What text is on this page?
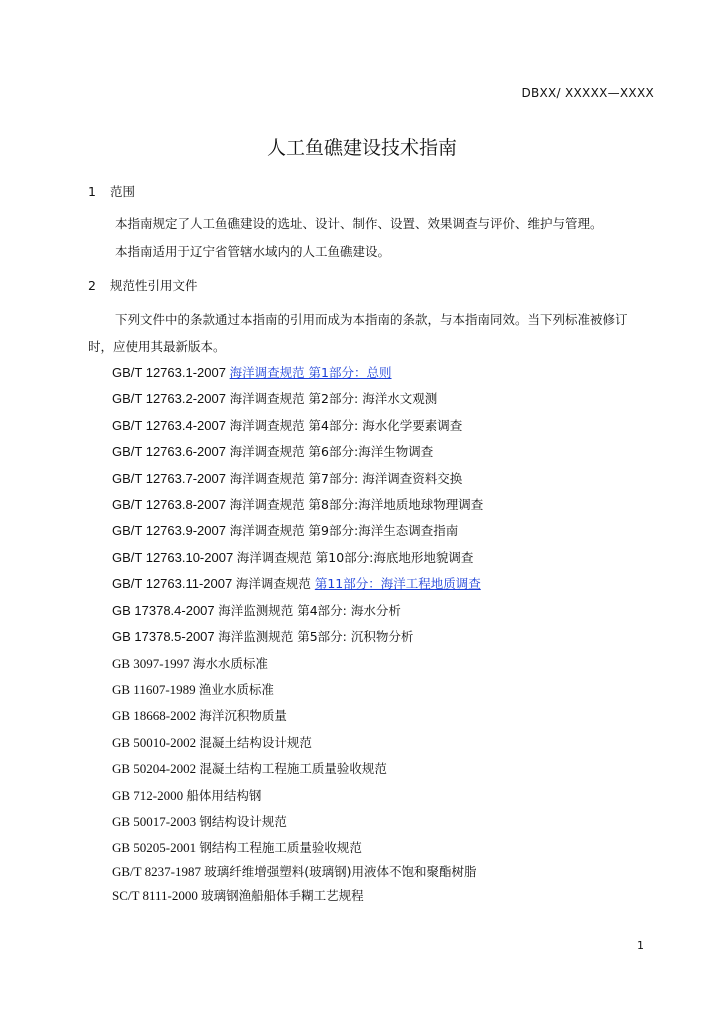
DBXX/ XXXXX—XXXX
人工鱼礁建设技术指南
1 范围
本指南规定了人工鱼礁建设的选址、设计、制作、设置、效果调查与评价、维护与管理。
本指南适用于辽宁省管辖水域内的人工鱼礁建设。
2 规范性引用文件
下列文件中的条款通过本指南的引用而成为本指南的条款，与本指南同效。当下列标准被修订
时，应使用其最新版本。
GB/T 12763.1-2007 海洋调查规范 第1部分：总则
GB/T 12763.2-2007 海洋调查规范 第2部分: 海洋水文观测
GB/T 12763.4-2007 海洋调查规范 第4部分: 海水化学要素调查
GB/T 12763.6-2007 海洋调查规范 第6部分:海洋生物调查
GB/T 12763.7-2007 海洋调查规范 第7部分: 海洋调查资料交换
GB/T 12763.8-2007 海洋调查规范 第8部分:海洋地质地球物理调查
GB/T 12763.9-2007 海洋调查规范 第9部分:海洋生态调查指南
GB/T 12763.10-2007 海洋调查规范 第10部分:海底地形地貌调查
GB/T 12763.11-2007 海洋调查规范 第11部分：海洋工程地质调查
GB 17378.4-2007 海洋监测规范 第4部分: 海水分析
GB 17378.5-2007 海洋监测规范 第5部分: 沉积物分析
GB 3097-1997 海水水质标准
GB 11607-1989 渔业水质标准
GB 18668-2002 海洋沉积物质量
GB 50010-2002 混凝土结构设计规范
GB 50204-2002 混凝土结构工程施工质量验收规范
GB 712-2000 船体用结构钢
GB 50017-2003 钢结构设计规范
GB 50205-2001 钢结构工程施工质量验收规范
GB/T 8237-1987 玻璃纤维增强塑料(玻璃钢)用液体不饱和聚酯树脂
SC/T 8111-2000 玻璃钢渔船船体手糊工艺规程
1
